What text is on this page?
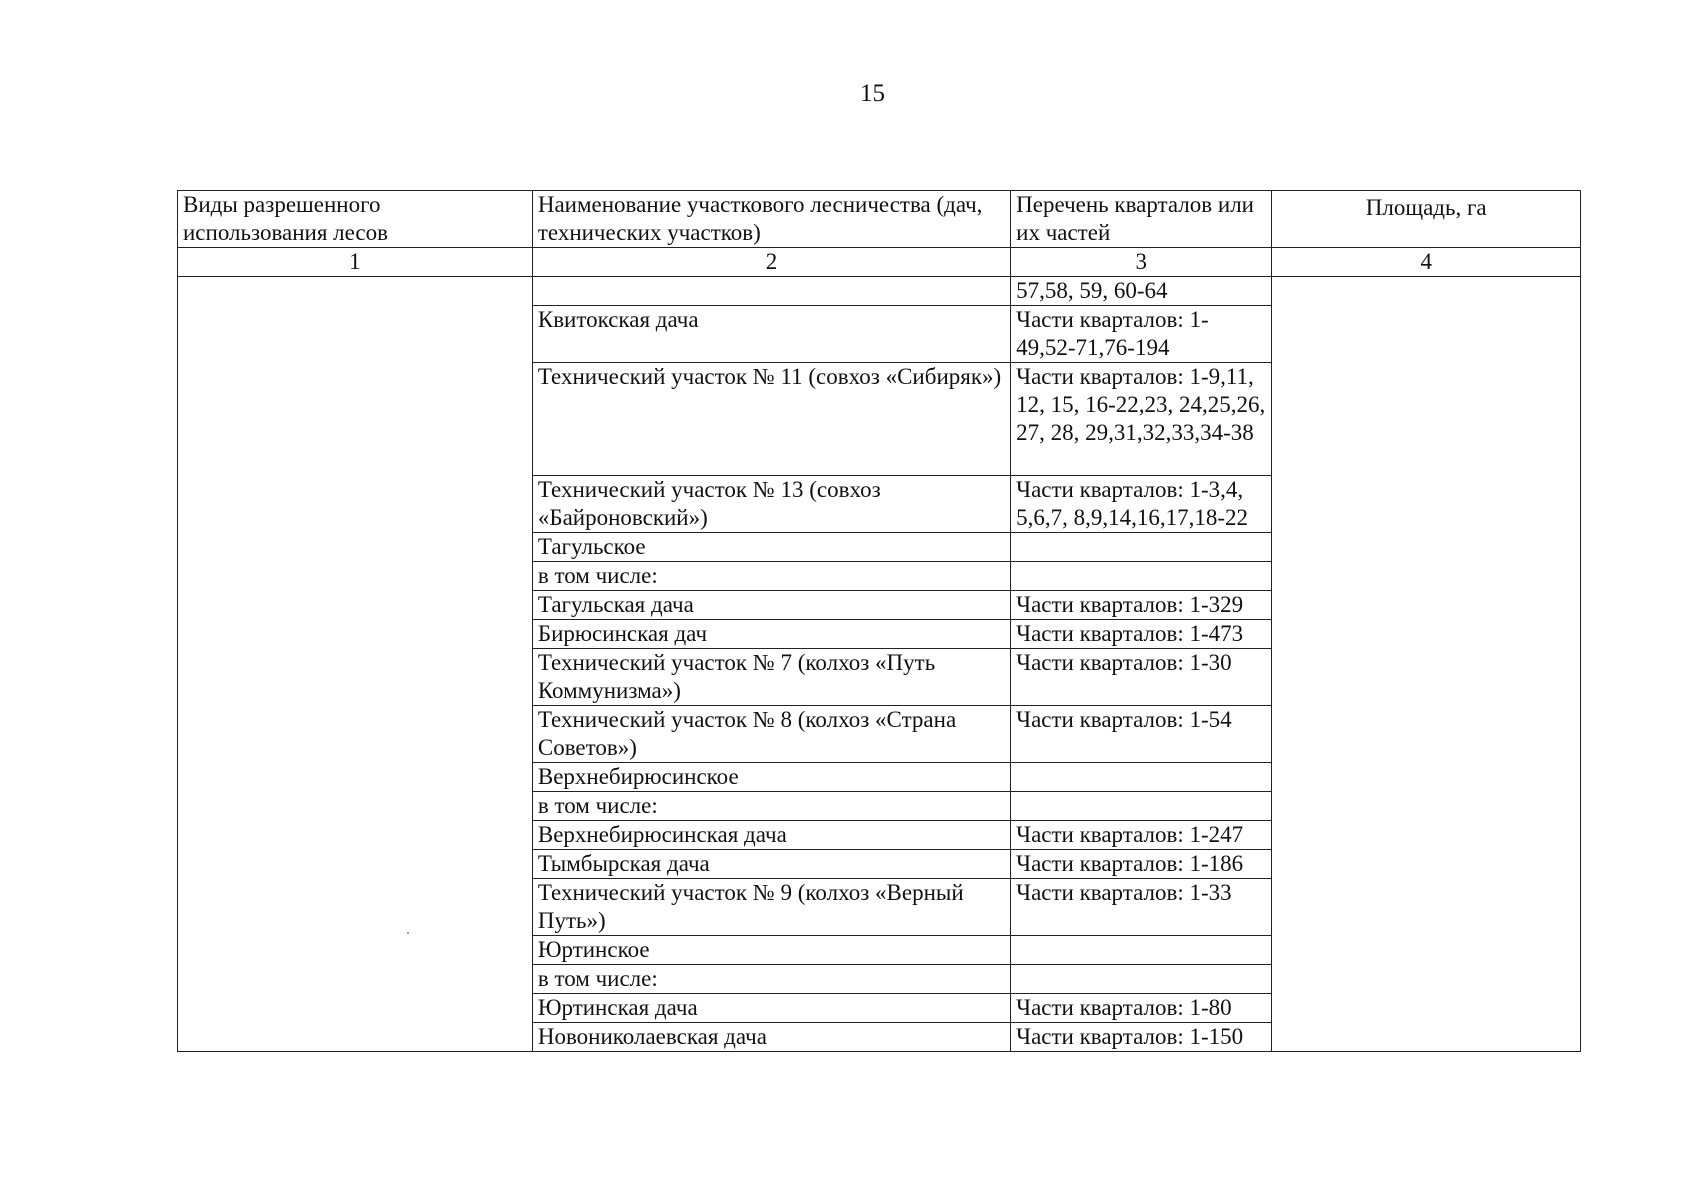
15
Виды разрешенного использования лесов	Наименование участкового лесничества (дач, технических участков)	Перечень кварталов или их частей	Площадь, га
1	2	3	4
		57,58, 59, 60-64	
	Квитокская дача	Части кварталов: 1-49,52-71,76-194	
	Технический участок № 11 (совхоз «Сибиряк»)	Части кварталов: 1-9,11, 12, 15, 16-22,23, 24,25,26, 27, 28, 29,31,32,33,34-38	
	Технический участок № 13 (совхоз «Байроновский»)	Части кварталов: 1-3,4, 5,6,7, 8,9,14,16,17,18-22	
	Тагульское		
	в том числе:		
	Тагульская дача	Части кварталов: 1-329	
	Бирюсинская дач	Части кварталов: 1-473	
	Технический участок № 7 (колхоз «Путь Коммунизма»)	Части кварталов: 1-30	
	Технический участок № 8 (колхоз «Страна Советов»)	Части кварталов: 1-54	
	Верхнебирюсинское		
	в том числе:		
	Верхнебирюсинская дача	Части кварталов: 1-247	
	Тымбырская дача	Части кварталов: 1-186	
	Технический участок № 9 (колхоз «Верный Путь»)	Части кварталов: 1-33	
	Юртинское		
	в том числе:		
	Юртинская дача	Части кварталов: 1-80	
	Новониколаевская дача	Части кварталов: 1-150	
